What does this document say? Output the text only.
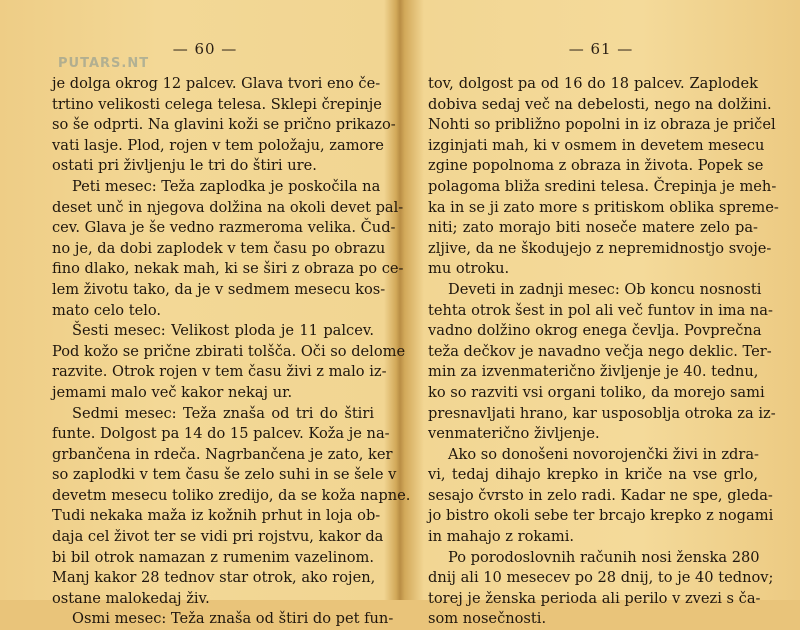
PUTARS.NT
— 60 —
je dolga okrog 12 palcev. Glava tvori eno če-
trtino velikosti celega telesa. Sklepi črepinje
so še odprti. Na glavini koži se prično prikazo-
vati lasje. Plod, rojen v tem položaju, zamore
ostati pri življenju le tri do štiri ure.
Peti mesec: Teža zaplodka je poskočila na
deset unč in njegova dolžina na okoli devet pal-
cev. Glava je še vedno razmeroma velika. Čud-
no je, da dobi zaplodek v tem času po obrazu
fino dlako, nekak mah, ki se širi z obraza po ce-
lem životu tako, da je v sedmem mesecu kos-
mato celo telo.
Šesti mesec: Velikost ploda je 11 palcev.
Pod kožo se prične zbirati tolšča. Oči so delome
razvite. Otrok rojen v tem času živi z malo iz-
jemami malo več kakor nekaj ur.
Sedmi mesec: Teža znaša od tri do štiri
funte. Dolgost pa 14 do 15 palcev. Koža je na-
grbančena in rdeča. Nagrbančena je zato, ker
so zaplodki v tem času še zelo suhi in se šele v
devetm mesecu toliko zredijo, da se koža napne.
Tudi nekaka maža iz kožnih prhut in loja ob-
daja cel život ter se vidi pri rojstvu, kakor da
bi bil otrok namazan z rumenim vazelinom.
Manj kakor 28 tednov star otrok, ako rojen,
ostane malokedaj živ.
Osmi mesec: Teža znaša od štiri do pet fun-
— 61 —
tov, dolgost pa od 16 do 18 palcev. Zaplodek
dobiva sedaj več na debelosti, nego na dolžini.
Nohti so približno popolni in iz obraza je pričel
izginjati mah, ki v osmem in devetem mesecu
zgine popolnoma z obraza in života. Popek se
polagoma bliža sredini telesa. Črepinja je meh-
ka in se ji zato more s pritiskom oblika spreme-
niti; zato morajo biti noseče matere zelo pa-
zljive, da ne škodujejo z nepremidnostjo svoje-
mu otroku.
Deveti in zadnji mesec: Ob koncu nosnosti
tehta otrok šest in pol ali več funtov in ima na-
vadno dolžino okrog enega čevlja. Povprečna
teža dečkov je navadno večja nego deklic. Ter-
min za izvenmaterično življenje je 40. tednu,
ko so razviti vsi organi toliko, da morejo sami
presnavljati hrano, kar usposoblja otroka za iz-
venmaterično življenje.
Ako so donošeni novorojenčki živi in zdra-
vi, tedaj dihajo krepko in kriče na vse grlo,
sesajo čvrsto in zelo radi. Kadar ne spe, gleda-
jo bistro okoli sebe ter brcajo krepko z nogami
in mahajo z rokami.
Po porodoslovnih računih nosi ženska 280
dnij ali 10 mesecev po 28 dnij, to je 40 tednov;
torej je ženska perioda ali perilo v zvezi s ča-
som nosečnosti.
